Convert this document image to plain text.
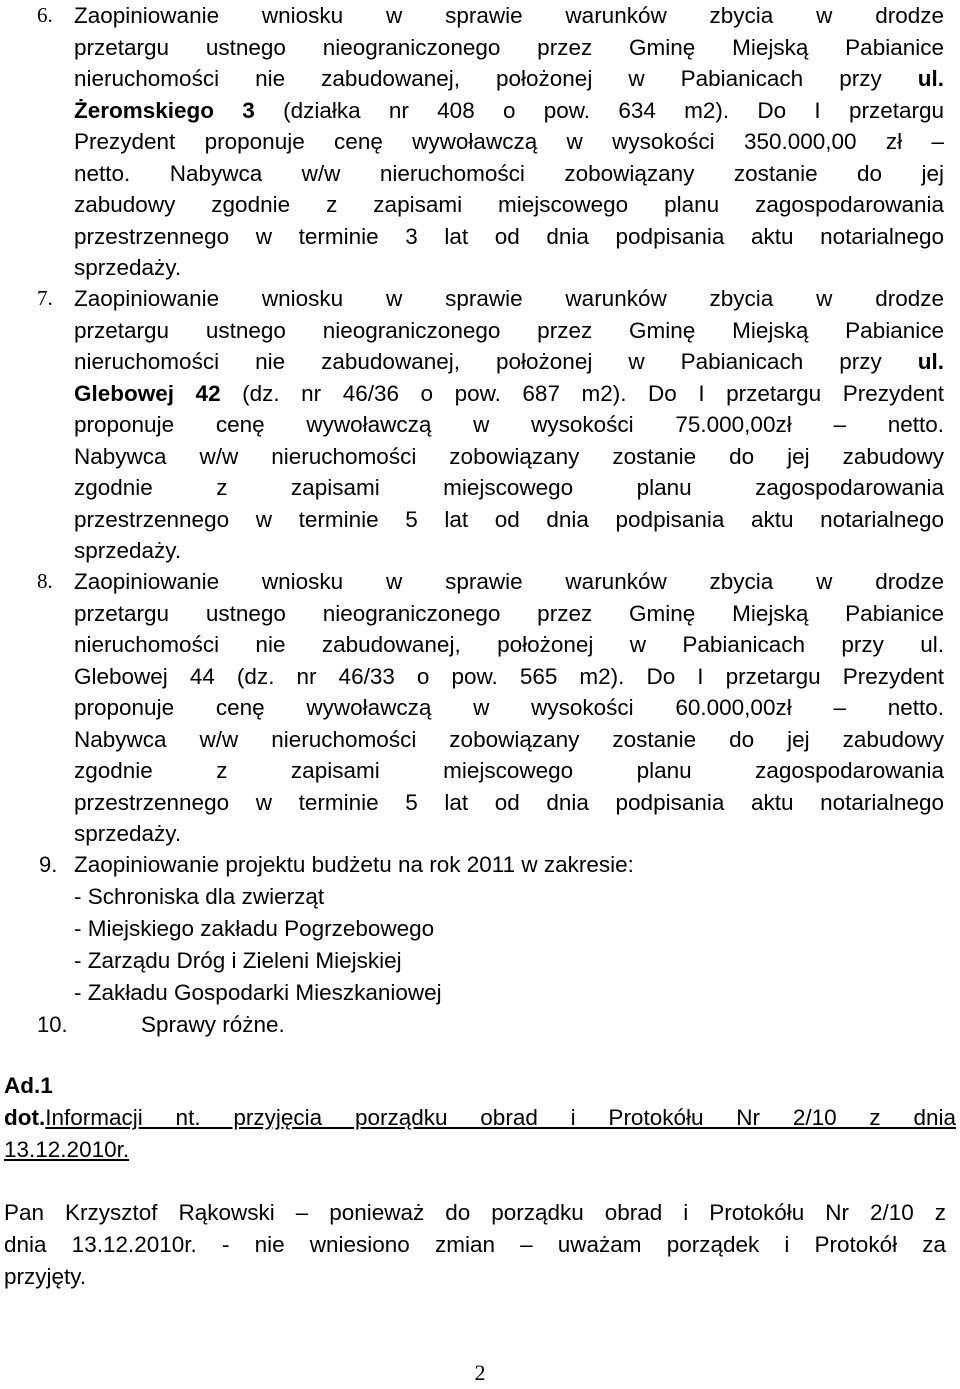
6. Zaopiniowanie wniosku w sprawie warunków zbycia w drodze
przetargu ustnego nieograniczonego przez Gminę Miejską Pabianice
nieruchomości nie zabudowanej, położonej w Pabianicach przy ul.
Żeromskiego 3 (działka nr 408 o pow. 634 m2). Do I przetargu
Prezydent proponuje cenę wywoławczą w wysokości 350.000,00 zł –
netto. Nabywca w/w nieruchomości zobowiązany zostanie do jej
zabudowy zgodnie z zapisami miejscowego planu zagospodarowania
przestrzennego w terminie 3 lat od dnia podpisania aktu notarialnego
sprzedaży.
7. Zaopiniowanie wniosku w sprawie warunków zbycia w drodze
przetargu ustnego nieograniczonego przez Gminę Miejską Pabianice
nieruchomości nie zabudowanej, położonej w Pabianicach przy ul.
Glebowej 42 (dz. nr 46/36 o pow. 687 m2). Do I przetargu Prezydent
proponuje cenę wywoławczą w wysokości 75.000,00zł – netto.
Nabywca w/w nieruchomości zobowiązany zostanie do jej zabudowy
zgodnie z zapisami miejscowego planu zagospodarowania
przestrzennego w terminie 5 lat od dnia podpisania aktu notarialnego
sprzedaży.
8. Zaopiniowanie wniosku w sprawie warunków zbycia w drodze
przetargu ustnego nieograniczonego przez Gminę Miejską Pabianice
nieruchomości nie zabudowanej, położonej w Pabianicach przy ul.
Glebowej 44 (dz. nr 46/33 o pow. 565 m2). Do I przetargu Prezydent
proponuje cenę wywoławczą w wysokości 60.000,00zł – netto.
Nabywca w/w nieruchomości zobowiązany zostanie do jej zabudowy
zgodnie z zapisami miejscowego planu zagospodarowania
przestrzennego w terminie 5 lat od dnia podpisania aktu notarialnego
sprzedaży.
9. Zaopiniowanie projektu budżetu na rok 2011 w zakresie:
- Schroniska dla zwierząt
- Miejskiego zakładu Pogrzebowego
- Zarządu Dróg i Zieleni Miejskiej
- Zakładu Gospodarki Mieszkaniowej
10.	Sprawy różne.
Ad.1
dot.Informacji nt. przyjęcia porządku obrad i Protokółu Nr 2/10 z dnia
13.12.2010r.
Pan Krzysztof Rąkowski – ponieważ do porządku obrad i Protokółu Nr 2/10 z
dnia 13.12.2010r. - nie wniesiono zmian – uważam porządek i Protokół za
przyjęty.
2
